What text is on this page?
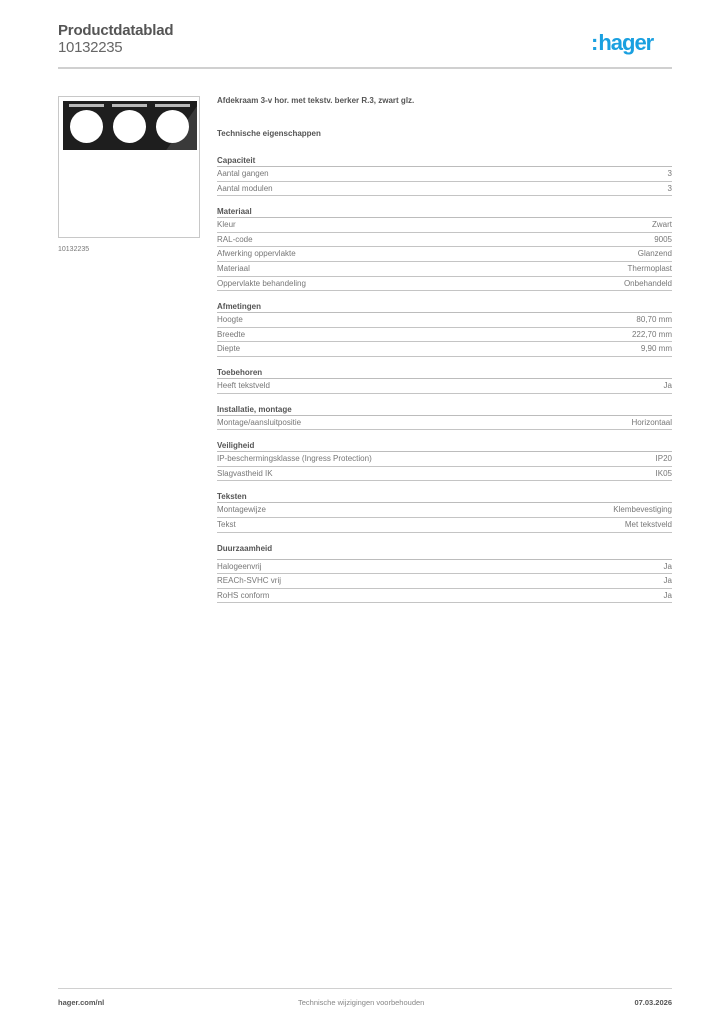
Productdatablad
10132235	:hager
10132235
Afdekraam 3-v hor. met tekstv. berker R.3, zwart glz.
Technische eigenschappen
Capaciteit
Aantal gangen	3
Aantal modulen	3
Materiaal
Kleur	Zwart
RAL-code	9005
Afwerking oppervlakte	Glanzend
Materiaal	Thermoplast
Oppervlakte behandeling	Onbehandeld
Afmetingen
Hoogte	80,70 mm
Breedte	222,70 mm
Diepte	9,90 mm
Toebehoren
Heeft tekstveld	Ja
Installatie, montage
Montage/aansluitpositie	Horizontaal
Veiligheid
IP-beschermingsklasse (Ingress Protection)	IP20
Slagvastheid IK	IK05
Teksten
Montagewijze	Klembevestiging
Tekst	Met tekstveld
Duurzaamheid
Halogeenvrij	Ja
REACh-SVHC vrij	Ja
RoHS conform	Ja
hager.com/nl	Technische wijzigingen voorbehouden	07.03.2026
